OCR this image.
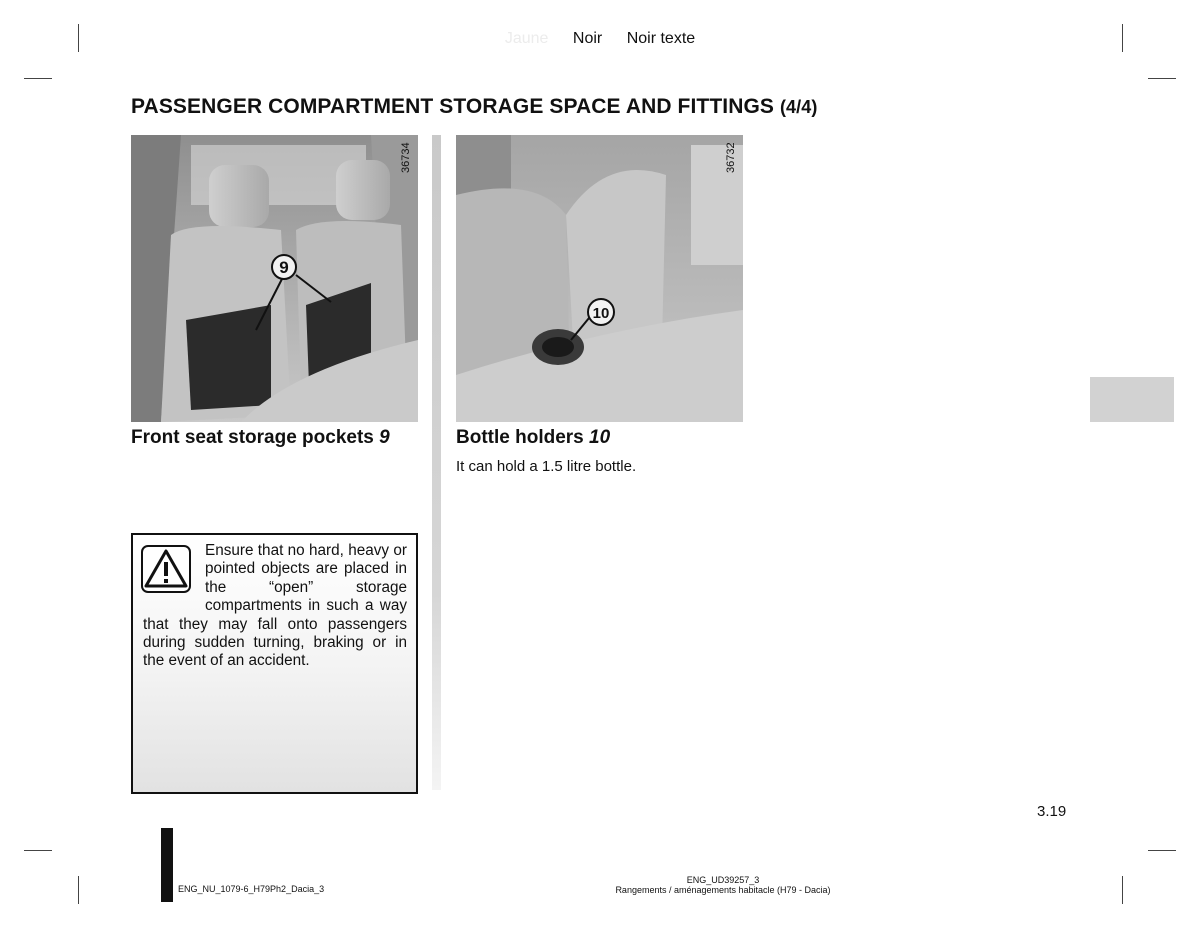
Jaune Noir Noir texte
PASSENGER COMPARTMENT STORAGE SPACE AND FITTINGS (4/4)
9
36734
10
36732
Front seat storage pockets 9	Bottle holders 10
It can hold a 1.5 litre bottle.
Ensure that no hard, heavy or pointed objects are placed in the “open” storage compartments in such a way that they may fall onto passengers during sudden turning, braking or in the event of an accident.
3.19
ENG_NU_1079-6_H79Ph2_Dacia_3
ENG_UD39257_3
Rangements / aménagements habitacle (H79 - Dacia)
